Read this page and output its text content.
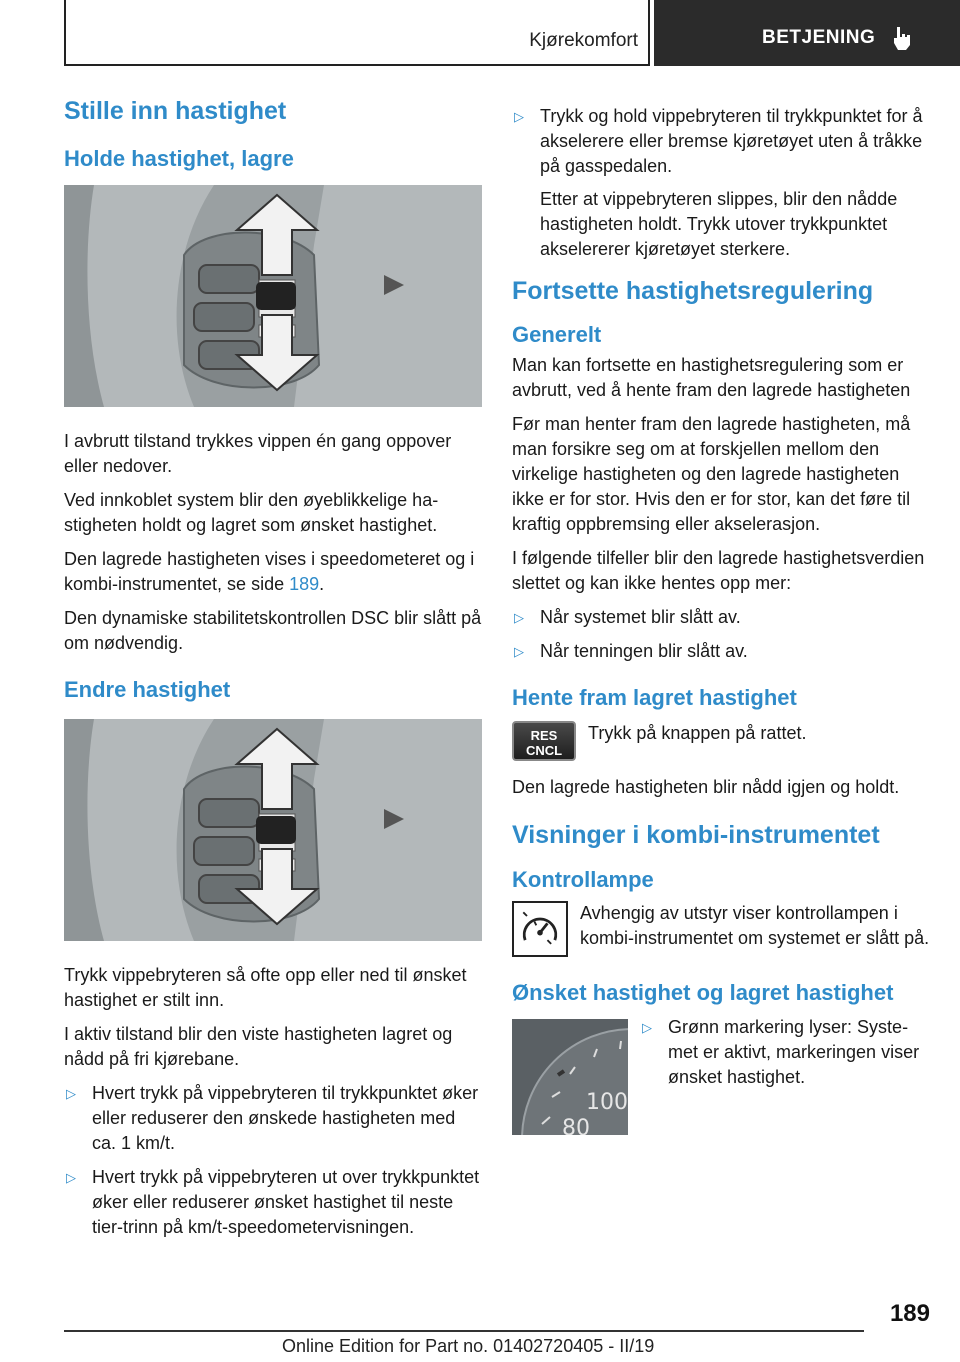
Kjørekomfort	BETJENING
Stille inn hastighet
Holde hastighet, lagre

I avbrutt tilstand trykkes vippen én gang oppover eller nedover.

Ved innkoblet system blir den øyeblikkelige hastigheten holdt og lagret som ønsket hastighet.

Den lagrede hastigheten vises i speedometeret og i kombi-instrumentet, se side 189.

Den dynamiske stabilitetskontrollen DSC blir slått på om nødvendig.

Endre hastighet

Trykk vippebryteren så ofte opp eller ned til ønsket hastighet er stilt inn.

I aktiv tilstand blir den viste hastigheten lagret og nådd på fri kjørebane.

▷ Hvert trykk på vippebryteren til trykkpunktet øker eller reduserer den ønskede hastigheten med ca. 1 km/t.
▷ Hvert trykk på vippebryteren ut over trykkpunktet øker eller reduserer ønsket hastighet til neste tier-trinn på km/t-speedometervisningen.
▷ Trykk og hold vippebryteren til trykkpunktet for å akselerere eller bremse kjøretøyet uten å tråkke på gasspedalen.

Etter at vippebryteren slippes, blir den nådde hastigheten holdt. Trykk utover trykkpunktet akselererer kjøretøyet sterkere.

Fortsette hastighetsregulering
Generelt

Man kan fortsette en hastighetsregulering som er avbrutt, ved å hente fram den lagrede hastigheten

Før man henter fram den lagrede hastigheten, må man forsikre seg om at forskjellen mellom den virkelige hastigheten og den lagrede hastigheten ikke er for stor. Hvis den er for stor, kan det føre til kraftig oppbremsing eller akselerasjon.

I følgende tilfeller blir den lagrede hastighetsverdien slettet og kan ikke hentes opp mer:

▷ Når systemet blir slått av.
▷ Når tenningen blir slått av.
Hente fram lagret hastighet
RES
CNCL
Trykk på knappen på rattet.

Den lagrede hastigheten blir nådd igjen og holdt.

Visninger i kombi-instrumentet
Kontrollampe
Avhengig av utstyr viser kontrollampen i kombi-instrumentet om systemet er slått på.
Ønsket hastighet og lagret hastighet
100
80
▷ Grønn markering lyser: Systemet er aktivt, markeringen viser ønsket hastighet.
189
Online Edition for Part no. 01402720405 - II/19
